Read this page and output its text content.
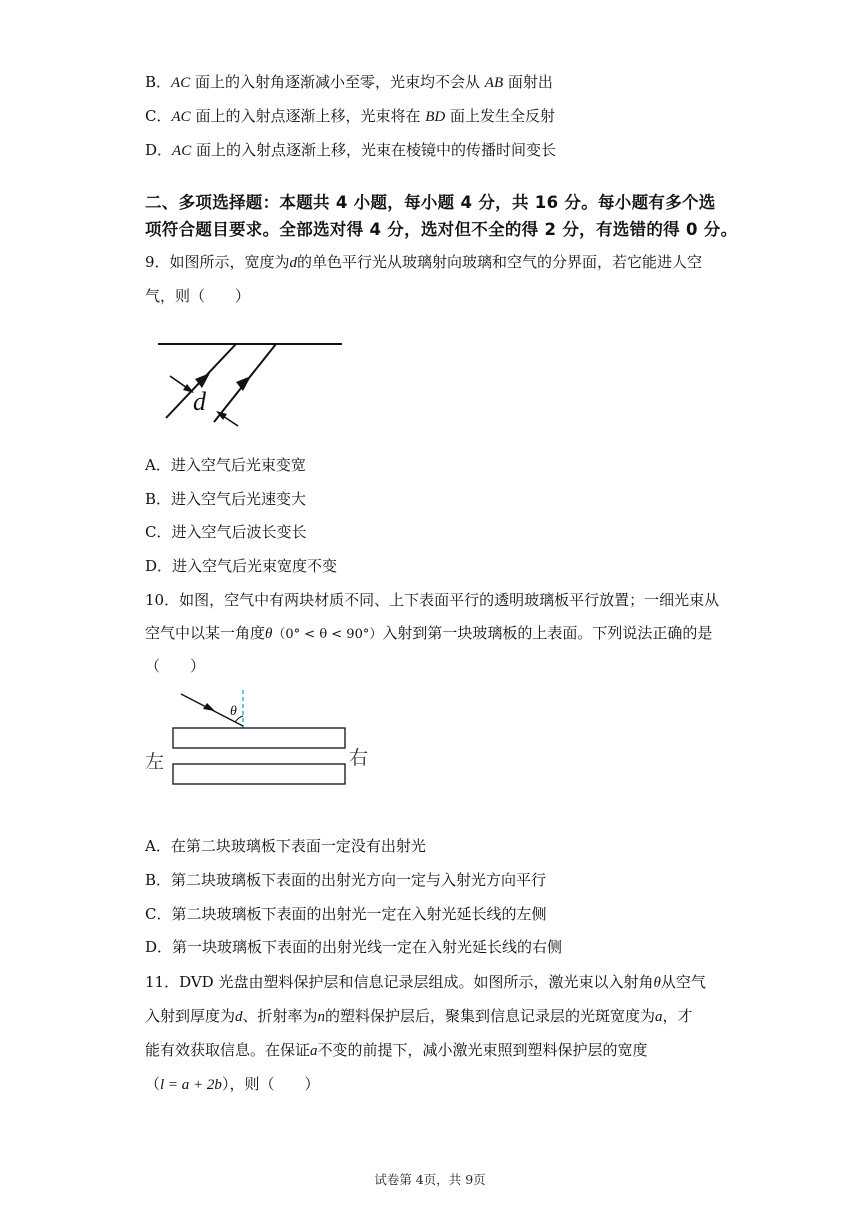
B．AC 面上的入射角逐渐减小至零，光束均不会从 AB 面射出
C．AC 面上的入射点逐渐上移，光束将在 BD 面上发生全反射
D．AC 面上的入射点逐渐上移，光束在棱镜中的传播时间变长
二、多项选择题：本题共 4 小题，每小题 4 分，共 16 分。每小题有多个选
项符合题目要求。全部选对得 4 分，选对但不全的得 2 分，有选错的得 0 分。
9．如图所示，宽度为d的单色平行光从玻璃射向玻璃和空气的分界面，若它能进人空
气，则（　　）
d
A．进入空气后光束变宽
B．进入空气后光速变大
C．进入空气后波长变长
D．进入空气后光束宽度不变
10．如图，空气中有两块材质不同、上下表面平行的透明玻璃板平行放置；一细光束从
空气中以某一角度θ（0° < θ < 90°）入射到第一块玻璃板的上表面。下列说法正确的是
（　　）
θ
左	右
A．在第二块玻璃板下表面一定没有出射光
B．第二块玻璃板下表面的出射光方向一定与入射光方向平行
C．第二块玻璃板下表面的出射光一定在入射光延长线的左侧
D．第一块玻璃板下表面的出射光线一定在入射光延长线的右侧
11．DVD 光盘由塑料保护层和信息记录层组成。如图所示，激光束以入射角θ从空气
入射到厚度为d、折射率为n的塑料保护层后，聚集到信息记录层的光斑宽度为a，才
能有效获取信息。在保证a不变的前提下，减小激光束照到塑料保护层的宽度
（l = a + 2b），则（　　）
试卷第 4页，共 9页
